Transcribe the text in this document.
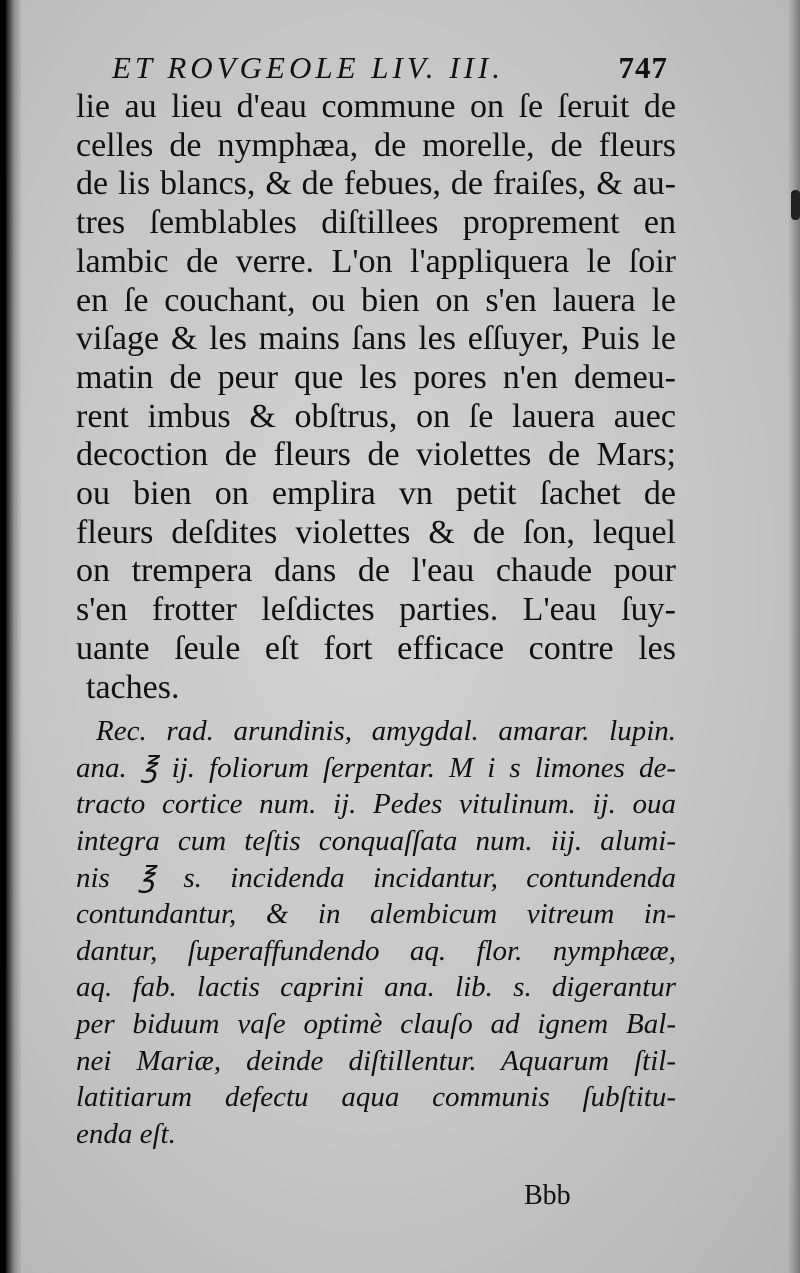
ET ROVGEOLE LIV. III.	747
lie au lieu d'eau commune on ſe ſeruit de
celles de nymphæa, de morelle, de fleurs
de lis blancs, & de febues, de fraiſes, & au-
tres ſemblables diſtillees proprement en
lambic de verre. L'on l'appliquera le ſoir
en ſe couchant, ou bien on s'en lauera le
viſage & les mains ſans les eſſuyer, Puis le
matin de peur que les pores n'en demeu-
rent imbus & obſtrus, on ſe lauera auec
decoction de fleurs de violettes de Mars;
ou bien on emplira vn petit ſachet de
fleurs deſdites violettes & de ſon, lequel
on trempera dans de l'eau chaude pour
s'en frotter leſdictes parties. L'eau ſuy-
uante ſeule eſt fort efficace contre les
taches.
Rec. rad. arundinis, amygdal. amarar. lupin.
ana. ℥ ij. foliorum ſerpentar. M i s limones de-
tracto cortice num. ij. Pedes vitulinum. ij. oua
integra cum teſtis conquaſſata num. iij. alumi-
nis ℥ s. incidenda incidantur, contundenda
contundantur, & in alembicum vitreum in-
dantur, ſuperaffundendo aq. flor. nymphææ,
aq. fab. lactis caprini ana. lib. s. digerantur
per biduum vaſe optimè clauſo ad ignem Bal-
nei Mariæ, deinde diſtillentur. Aquarum ſtil-
latitiarum defectu aqua communis ſubſtitu-
enda eſt.
Bbb
